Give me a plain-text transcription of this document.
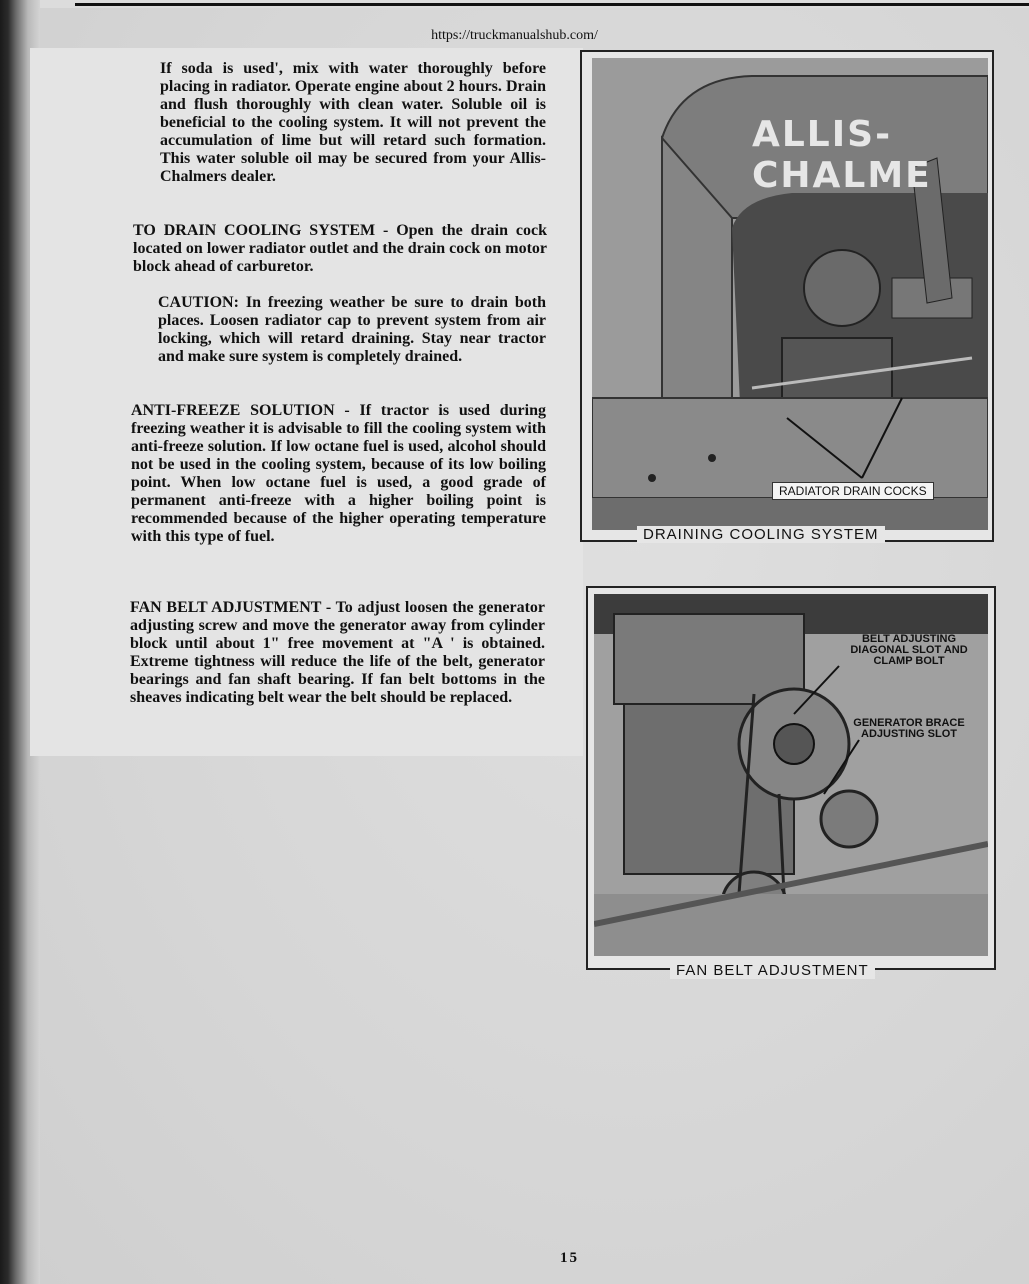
https://truckmanualshub.com/
If soda is used', mix with water thoroughly before placing in radiator. Operate engine about 2 hours. Drain and flush thoroughly with clean water. Soluble oil is beneficial to the cooling system. It will not prevent the accumulation of lime but will retard such formation. This water soluble oil may be secured from your Allis-Chalmers dealer.
TO DRAIN COOLING SYSTEM - Open the drain cock located on lower radiator outlet and the drain cock on motor block ahead of carburetor.
CAUTION: In freezing weather be sure to drain both places. Loosen radiator cap to prevent system from air locking, which will retard draining. Stay near tractor and make sure system is completely drained.
ANTI-FREEZE SOLUTION - If tractor is used during freezing weather it is advisable to fill the cooling system with anti-freeze solution. If low octane fuel is used, alcohol should not be used in the cooling system, because of its low boiling point. When low octane fuel is used, a good grade of permanent anti-freeze with a higher boiling point is recommended because of the higher operating temperature with this type of fuel.
FAN BELT ADJUSTMENT - To adjust loosen the generator adjusting screw and move the generator away from cylinder block until about 1" free movement at "A ' is obtained. Extreme tightness will reduce the life of the belt, generator bearings and fan shaft bearing. If fan belt bottoms in the sheaves indicating belt wear the belt should be replaced.
ALLIS-CHALME
RADIATOR DRAIN COCKS
DRAINING COOLING SYSTEM
BELT ADJUSTING DIAGONAL SLOT AND CLAMP BOLT
GENERATOR BRACE ADJUSTING SLOT
FAN BELT ADJUSTMENT
15
